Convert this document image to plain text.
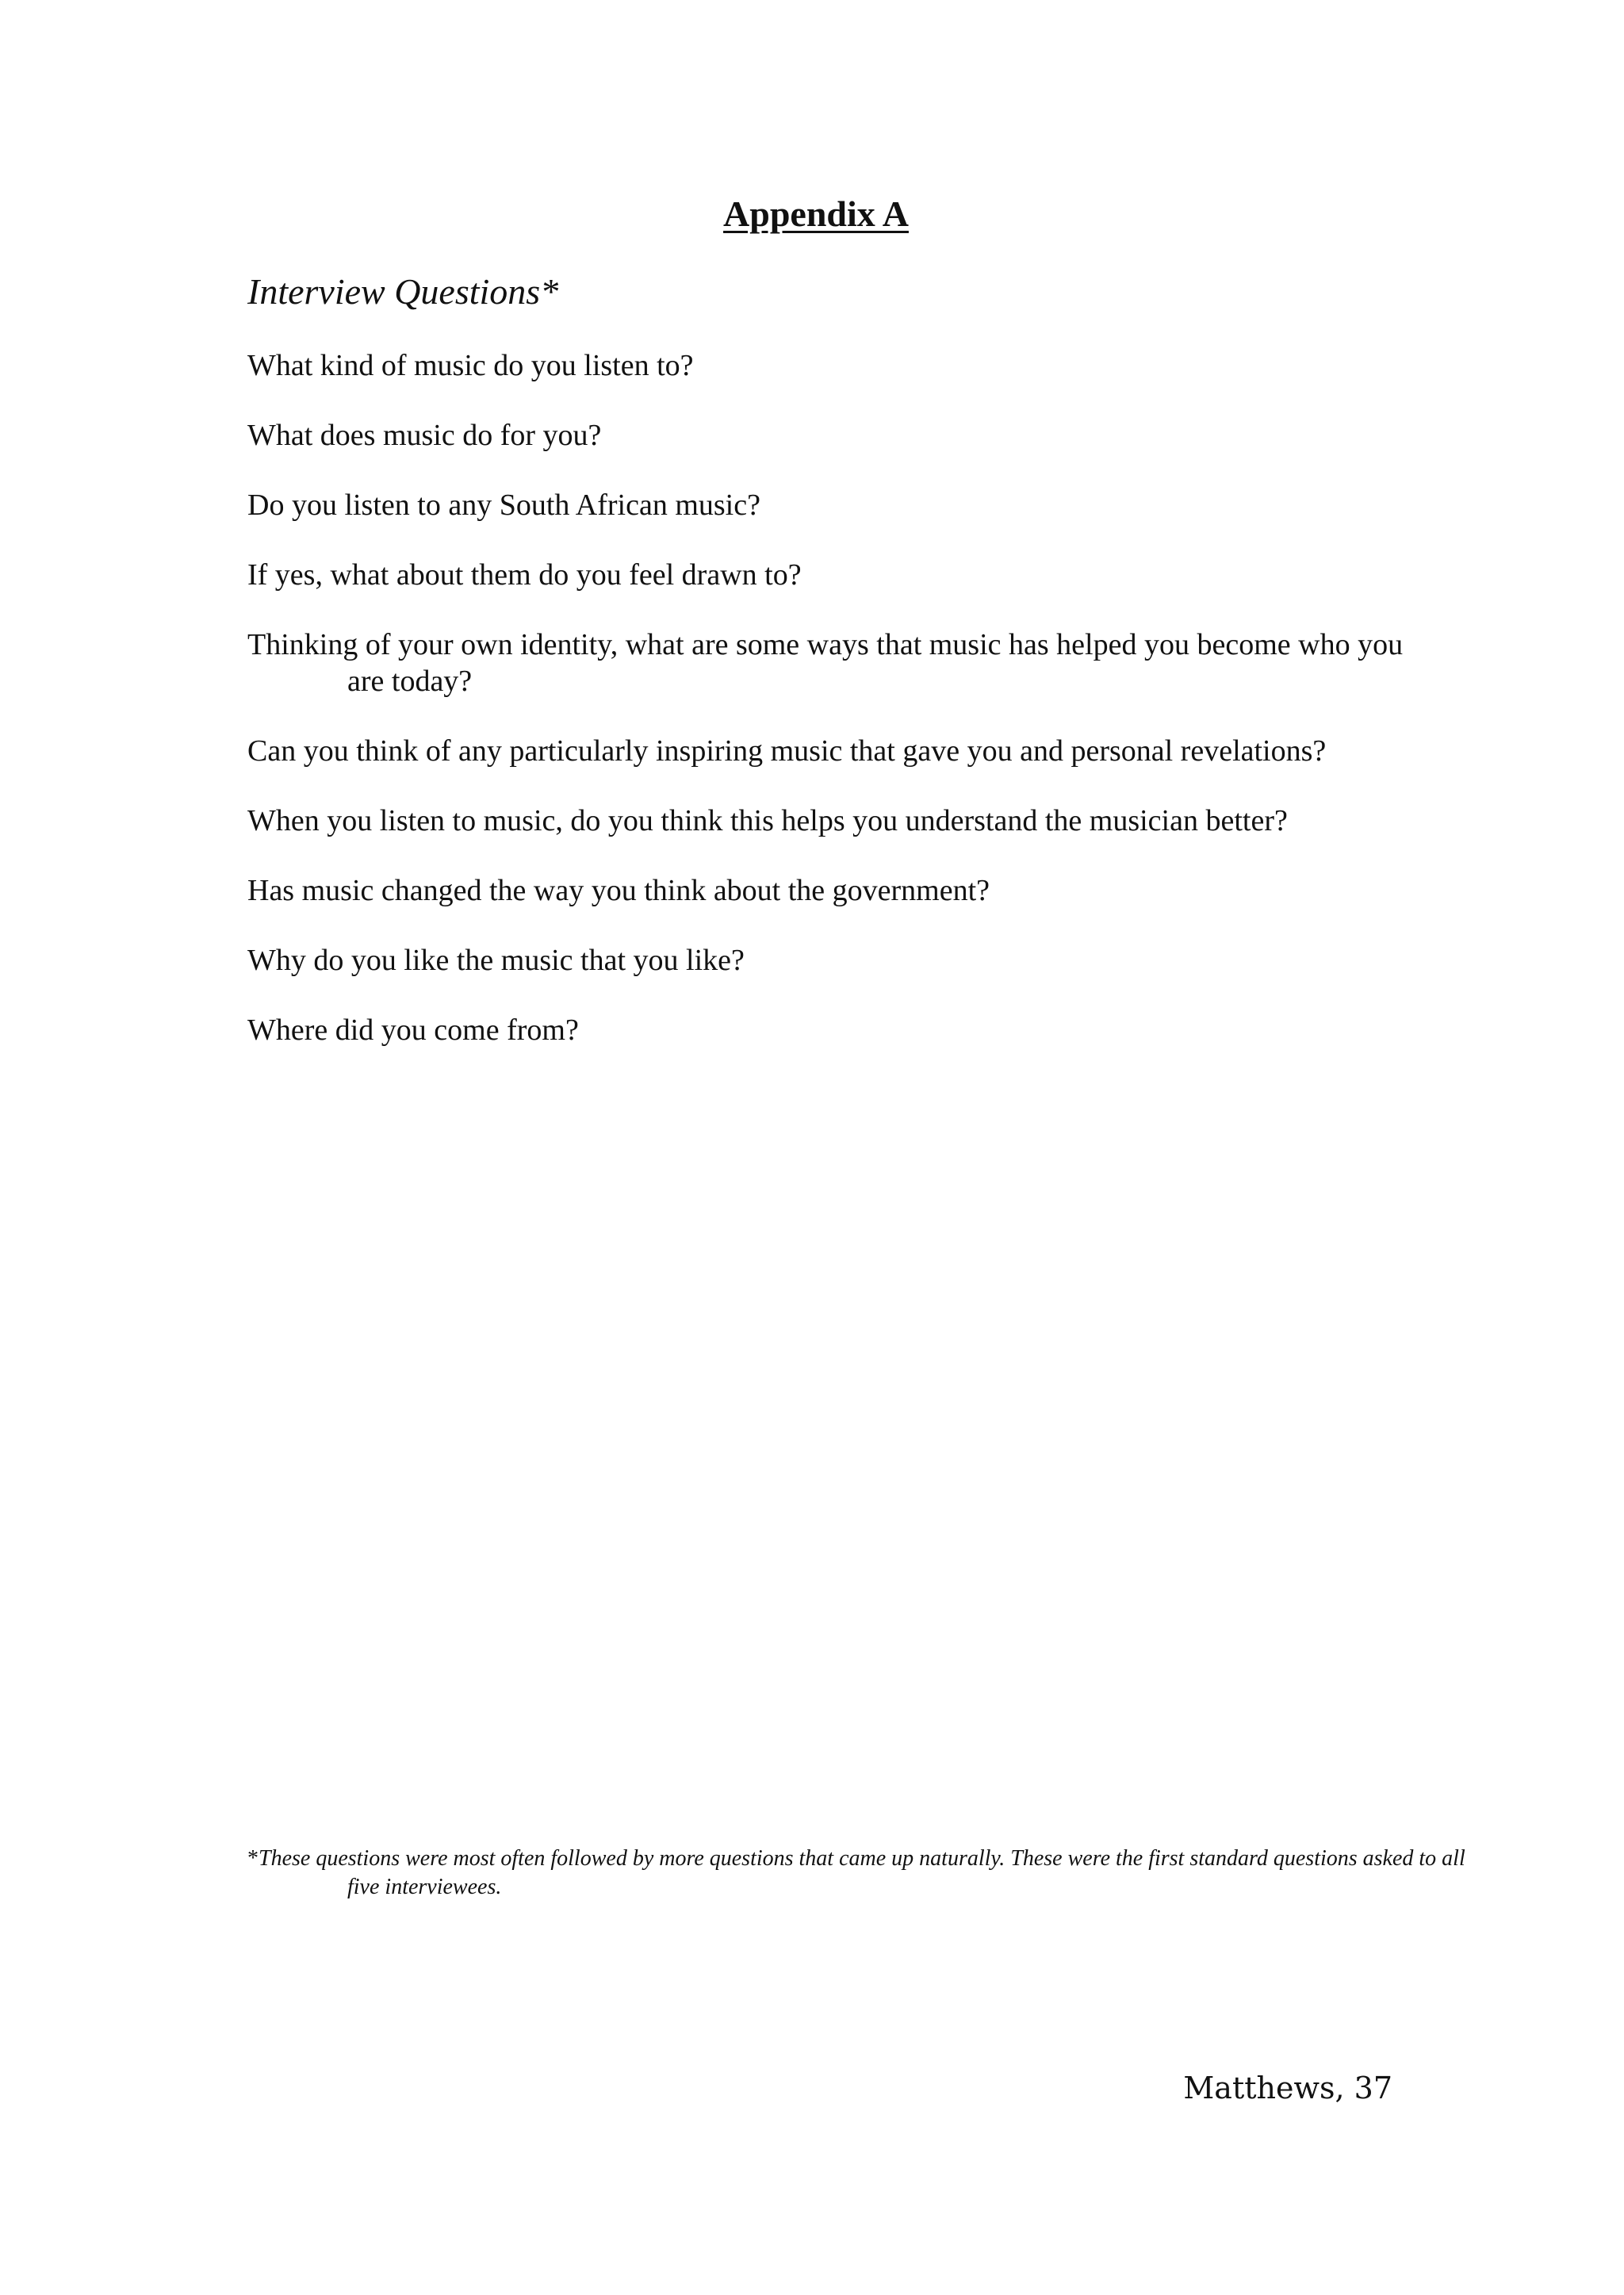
Appendix A
Interview Questions*
What kind of music do you listen to?
What does music do for you?
Do you listen to any South African music?
If yes, what about them do you feel drawn to?
Thinking of your own identity, what are some ways that music has helped you become who you are today?
Can you think of any particularly inspiring music that gave you and personal revelations?
When you listen to music, do you think this helps you understand the musician better?
Has music changed the way you think about the government?
Why do you like the music that you like?
Where did you come from?
*These questions were most often followed by more questions that came up naturally. These were the first standard questions asked to all five interviewees.
Matthews, 37
